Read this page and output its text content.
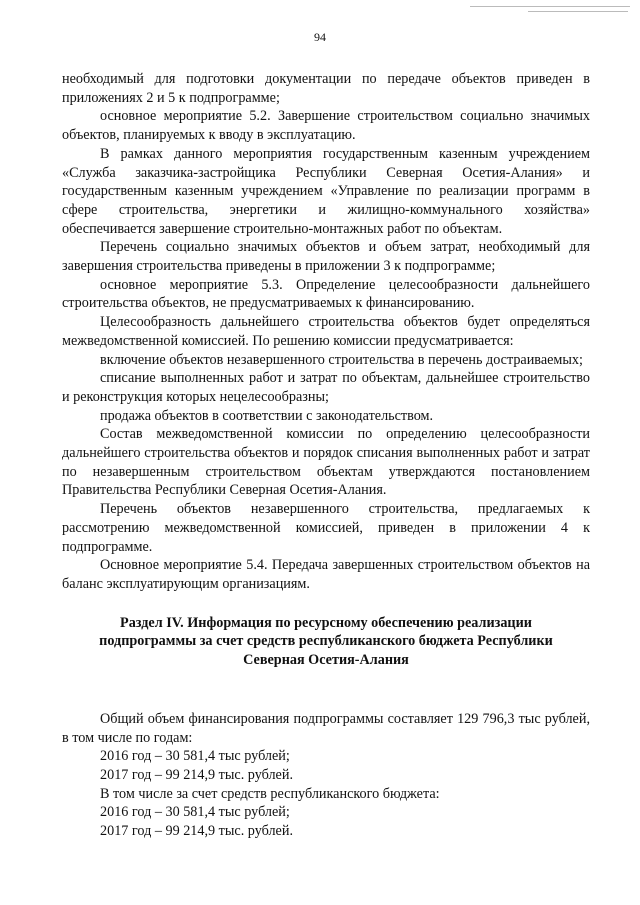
94

необходимый для подготовки документации по передаче объектов приведен в приложениях 2 и 5 к подпрограмме;

основное мероприятие 5.2. Завершение строительством социально значимых объектов, планируемых к вводу в эксплуатацию.

В рамках данного мероприятия государственным казенным учреждением «Служба заказчика-застройщика Республики Северная Осетия-Алания» и государственным казенным учреждением «Управление по реализации программ в сфере строительства, энергетики и жилищно-коммунального хозяйства» обеспечивается завершение строительно-монтажных работ по объектам.

Перечень социально значимых объектов и объем затрат, необходимый для завершения строительства приведены в приложении 3 к подпрограмме;

основное мероприятие 5.3. Определение целесообразности дальнейшего строительства объектов, не предусматриваемых к финансированию.

Целесообразность дальнейшего строительства объектов будет определяться межведомственной комиссией. По решению комиссии предусматривается:

включение объектов незавершенного строительства в перечень достраиваемых;

списание выполненных работ и затрат по объектам, дальнейшее строительство и реконструкция которых нецелесообразны;

продажа объектов в соответствии с законодательством.

Состав межведомственной комиссии по определению целесообразности дальнейшего строительства объектов и порядок списания выполненных работ и затрат по незавершенным строительством объектам утверждаются постановлением Правительства Республики Северная Осетия-Алания.

Перечень объектов незавершенного строительства, предлагаемых к рассмотрению межведомственной комиссией, приведен в приложении 4 к подпрограмме.

Основное мероприятие 5.4. Передача завершенных строительством объектов на баланс эксплуатирующим организациям.

Раздел IV. Информация по ресурсному обеспечению реализации
подпрограммы за счет средств республиканского бюджета Республики
Северная Осетия-Алания

Общий объем финансирования подпрограммы составляет 129 796,3 тыс рублей, в том числе по годам:

2016 год – 30 581,4 тыс рублей;

2017 год – 99 214,9 тыс. рублей.

В том числе за счет средств республиканского бюджета:

2016 год – 30 581,4 тыс рублей;

2017 год – 99 214,9 тыс. рублей.
